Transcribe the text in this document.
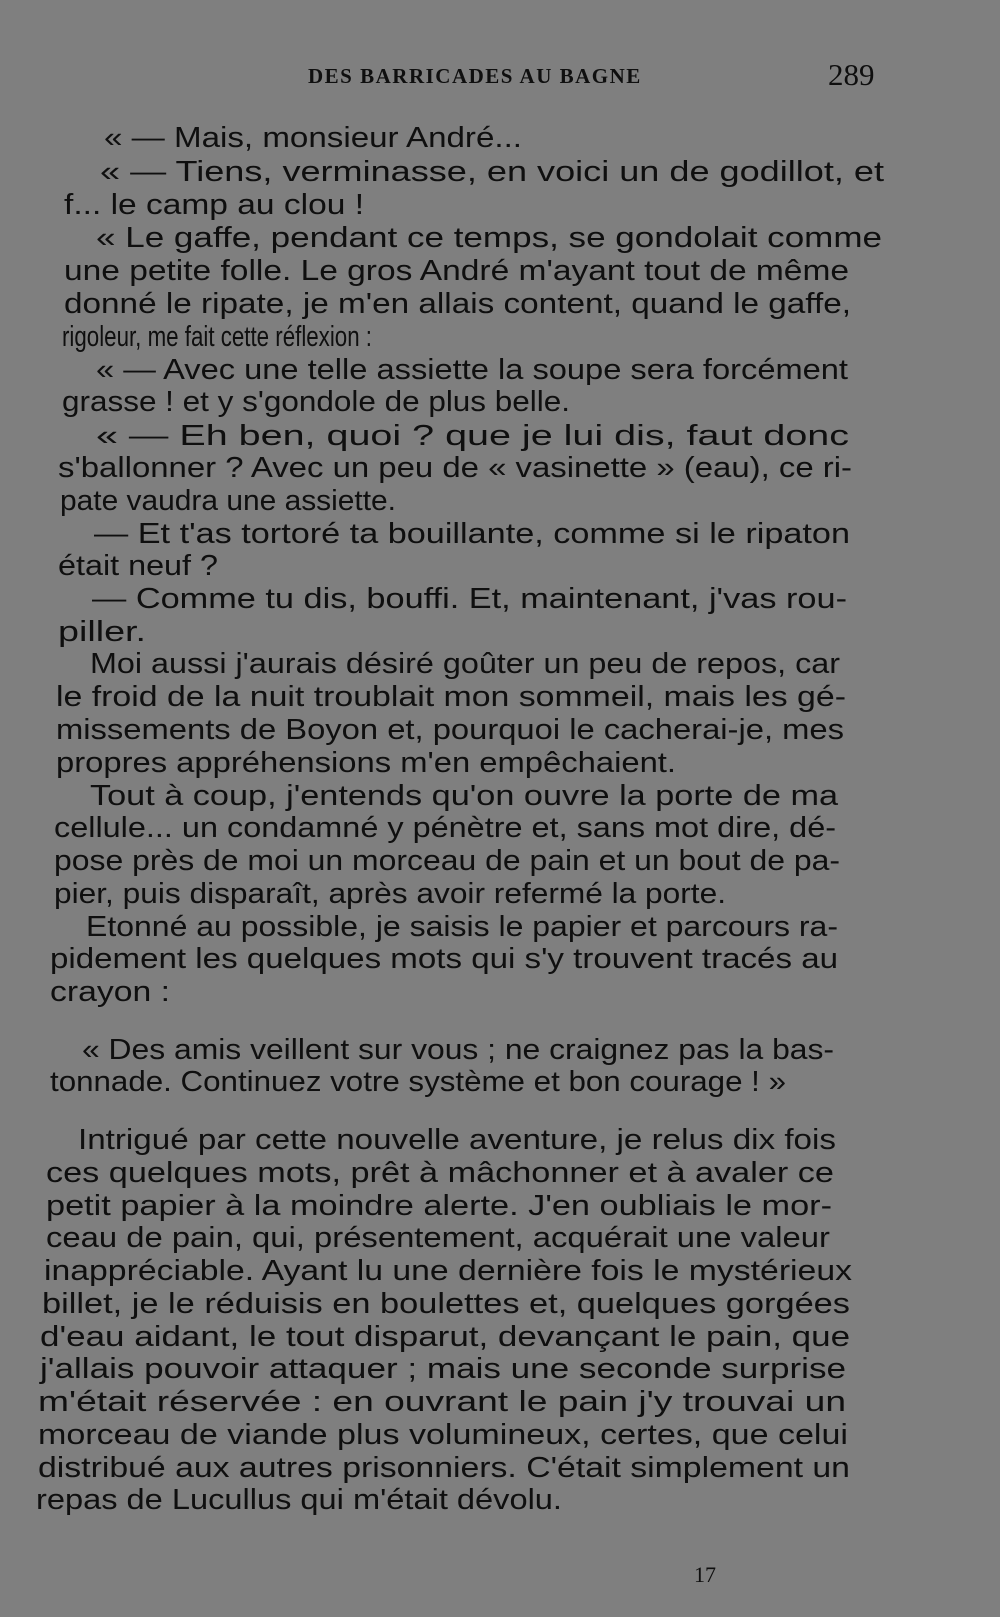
DES BARRICADES AU BAGNE	289
« — Mais, monsieur André...
« — Tiens, verminasse, en voici un de godillot, et
f... le camp au clou !
« Le gaffe, pendant ce temps, se gondolait comme
une petite folle. Le gros André m'ayant tout de même
donné le ripate, je m'en allais content, quand le gaffe,
rigoleur, me fait cette réflexion :
« — Avec une telle assiette la soupe sera forcément
grasse ! et y s'gondole de plus belle.
« — Eh ben, quoi ? que je lui dis, faut donc
s'ballonner ? Avec un peu de « vasinette » (eau), ce ri-
pate vaudra une assiette.
— Et t'as tortoré ta bouillante, comme si le ripaton
était neuf ?
— Comme tu dis, bouffi. Et, maintenant, j'vas rou-
piller.
Moi aussi j'aurais désiré goûter un peu de repos, car
le froid de la nuit troublait mon sommeil, mais les gé-
missements de Boyon et, pourquoi le cacherai-je, mes
propres appréhensions m'en empêchaient.
Tout à coup, j'entends qu'on ouvre la porte de ma
cellule... un condamné y pénètre et, sans mot dire, dé-
pose près de moi un morceau de pain et un bout de pa-
pier, puis disparaît, après avoir refermé la porte.
Etonné au possible, je saisis le papier et parcours ra-
pidement les quelques mots qui s'y trouvent tracés au
crayon :
« Des amis veillent sur vous ; ne craignez pas la bas-
tonnade. Continuez votre système et bon courage ! »
Intrigué par cette nouvelle aventure, je relus dix fois
ces quelques mots, prêt à mâchonner et à avaler ce
petit papier à la moindre alerte. J'en oubliais le mor-
ceau de pain, qui, présentement, acquérait une valeur
inappréciable. Ayant lu une dernière fois le mystérieux
billet, je le réduisis en boulettes et, quelques gorgées
d'eau aidant, le tout disparut, devançant le pain, que
j'allais pouvoir attaquer ; mais une seconde surprise
m'était réservée : en ouvrant le pain j'y trouvai un
morceau de viande plus volumineux, certes, que celui
distribué aux autres prisonniers. C'était simplement un
repas de Lucullus qui m'était dévolu.
17
